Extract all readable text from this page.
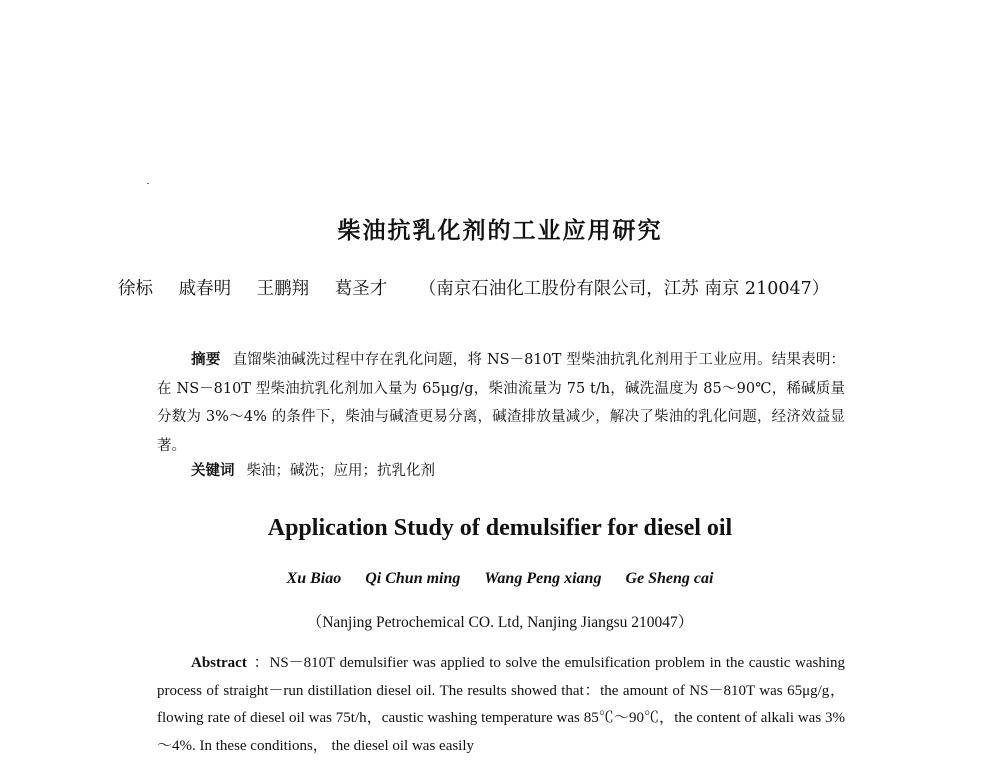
柴油抗乳化剂的工业应用研究
徐标 戚春明 王鹏翔 葛圣才 （南京石油化工股份有限公司，江苏 南京 210047）
摘要 直馏柴油碱洗过程中存在乳化问题，将 NS－810T 型柴油抗乳化剂用于工业应用。结果表明：在 NS－810T 型柴油抗乳化剂加入量为 65μg/g，柴油流量为 75 t/h，碱洗温度为 85～90℃，稀碱质量分数为 3%～4% 的条件下，柴油与碱渣更易分离，碱渣排放量减少，解决了柴油的乳化问题，经济效益显著。
关键词 柴油；碱洗；应用；抗乳化剂
Application Study of demulsifier for diesel oil
Xu Biao Qi Chun ming Wang Peng xiang Ge Sheng cai
（Nanjing Petrochemical CO. Ltd, Nanjing Jiangsu 210047）
Abstract ：NS－810T demulsifier was applied to solve the emulsification problem in the caustic washing process of straight－run distillation diesel oil. The results showed that：the amount of NS－810T was 65μg/g，flowing rate of diesel oil was 75t/h，caustic washing temperature was 85℃～90℃，the content of alkali was 3%～4%. In these conditions， the diesel oil was easily
